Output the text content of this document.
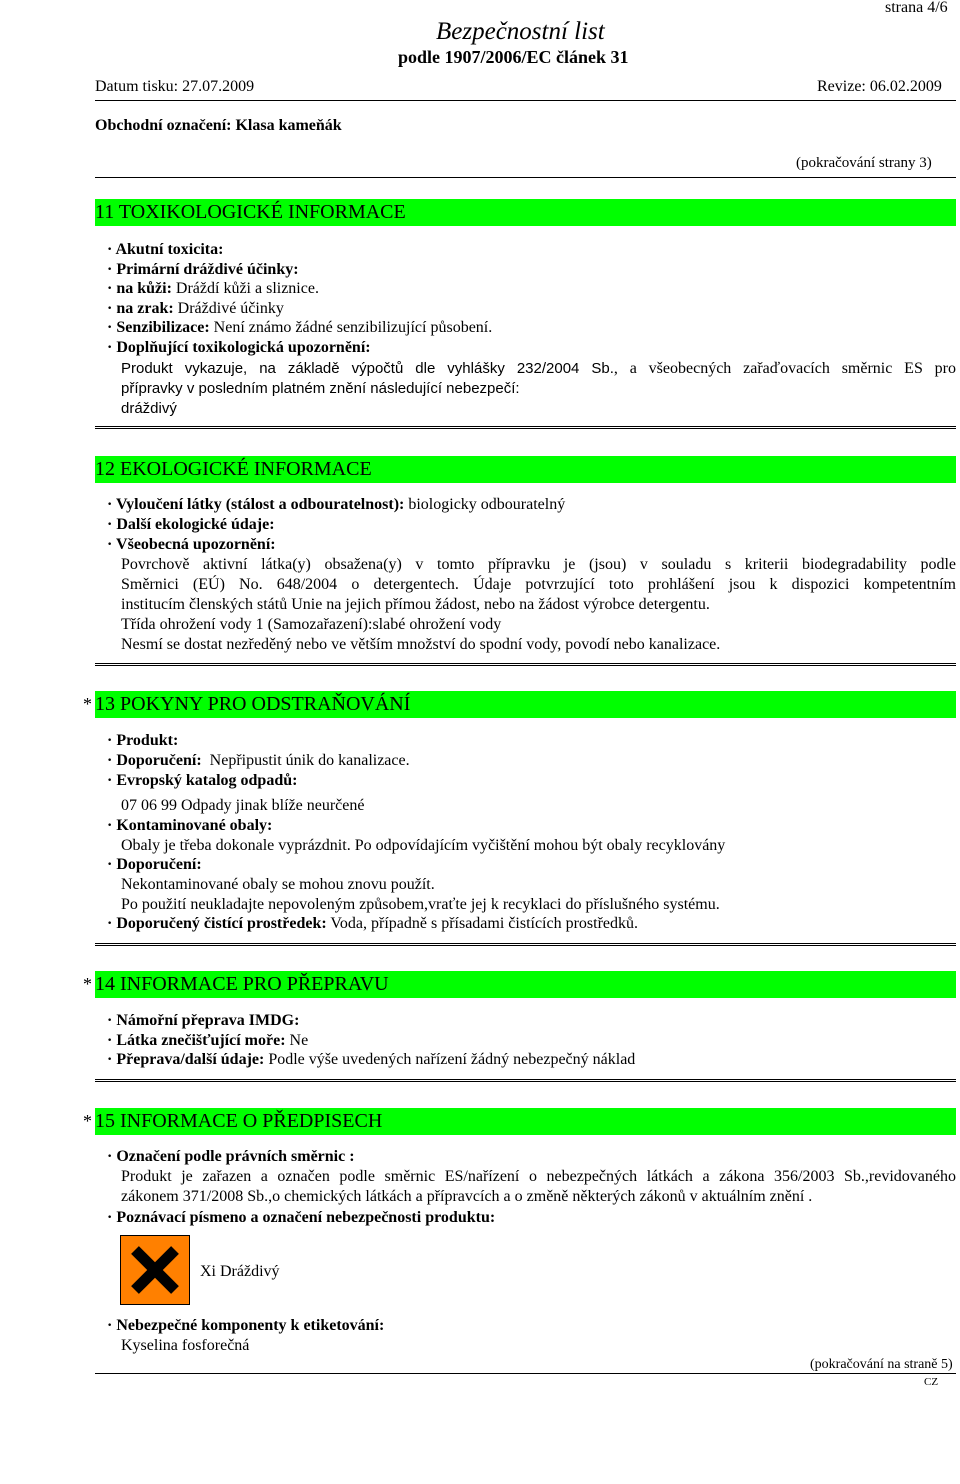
strana 4/6
Bezpečnostní list
podle 1907/2006/EC článek 31
Datum tisku: 27.07.2009	Revize: 06.02.2009
Obchodní označení: Klasa kameňák
(pokračování strany 3)
11 TOXIKOLOGICKÉ INFORMACE
· Akutní toxicita:
· Primární dráždivé účinky:
· na kůži: Dráždí kůži a sliznice.
· na zrak: Dráždivé účinky
· Senzibilizace: Není známo žádné senzibilizující působení.
· Doplňující toxikologická upozornění:
Produkt vykazuje, na základě výpočtů dle vyhlášky 232/2004 Sb., a všeobecných zařaďovacích směrnic ES pro
přípravky v posledním platném znění následující nebezpečí:
dráždivý
12 EKOLOGICKÉ INFORMACE
· Vyloučení látky (stálost a odbouratelnost): biologicky odbouratelný
· Další ekologické údaje:
· Všeobecná upozornění:
Povrchově aktivní látka(y) obsažena(y) v tomto přípravku je (jsou) v souladu s kriterii biodegradability podle
Směrnici (EÚ) No. 648/2004 o detergentech. Údaje potvrzující toto prohlášení jsou k dispozici kompetentním
institucím členských států Unie na jejich přímou žádost, nebo na žádost výrobce detergentu.
Třída ohrožení vody 1 (Samozařazení):slabé ohrožení vody
Nesmí se dostat nezředěný nebo ve větším množství do spodní vody, povodí nebo kanalizace.
* 13 POKYNY PRO ODSTRAŇOVÁNÍ
· Produkt:
· Doporučení:  Nepřipustit únik do kanalizace.
· Evropský katalog odpadů:
07 06 99 Odpady jinak blíže neurčené
· Kontaminované obaly:
Obaly je třeba dokonale vyprázdnit. Po odpovídajícím vyčištění mohou být obaly recyklovány
· Doporučení:
Nekontaminované obaly se mohou znovu použít.
Po použití neukladajte nepovoleným způsobem,vraťte jej k recyklaci do příslušného systému.
· Doporučený čistící prostředek: Voda, případně s přísadami čistících prostředků.
* 14 INFORMACE PRO PŘEPRAVU
· Námořní přeprava IMDG:
· Látka znečišťující moře: Ne
· Přeprava/další údaje: Podle výše uvedených nařízení žádný nebezpečný náklad
* 15 INFORMACE O PŘEDPISECH
· Označení podle právních směrnic :
Produkt je zařazen a označen podle směrnic ES/nařízení o nebezpečných látkách a zákona 356/2003 Sb.,revidovaného
zákonem 371/2008 Sb.,o chemických látkách a přípravcích a o změně některých zákonů v aktuálním znění .
· Poznávací písmeno a označení nebezpečnosti produktu:
Xi Dráždivý
· Nebezpečné komponenty k etiketování:
Kyselina fosforečná
(pokračování na straně 5)
CZ
